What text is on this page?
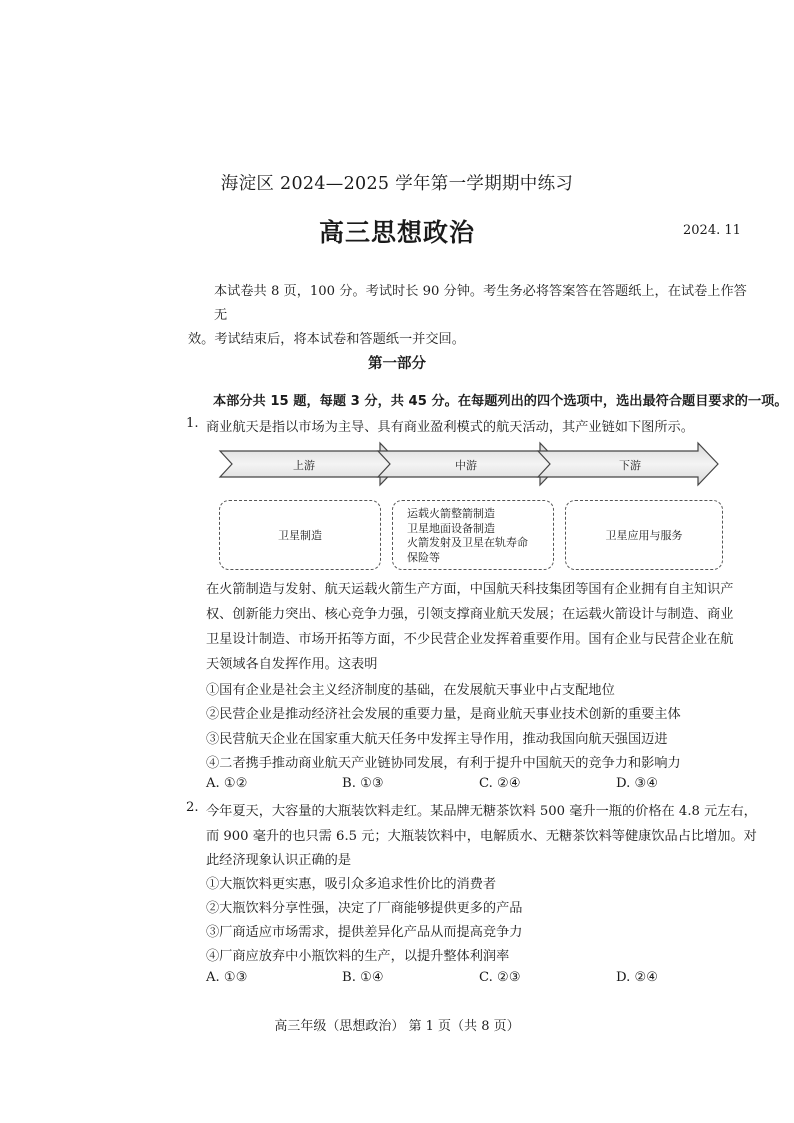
海淀区 2024—2025 学年第一学期期中练习
高三思想政治	2024. 11
本试卷共 8 页，100 分。考试时长 90 分钟。考生务必将答案答在答题纸上，在试卷上作答无
效。考试结束后，将本试卷和答题纸一并交回。
第一部分
本部分共 15 题，每题 3 分，共 45 分。在每题列出的四个选项中，选出最符合题目要求的一项。
1. 商业航天是指以市场为主导、具有商业盈利模式的航天活动，其产业链如下图所示。
上游	中游	下游
卫星制造
运载火箭整箭制造
卫星地面设备制造
火箭发射及卫星在轨寿命
保险等
卫星应用与服务
在火箭制造与发射、航天运载火箭生产方面，中国航天科技集团等国有企业拥有自主知识产
权、创新能力突出、核心竞争力强，引领支撑商业航天发展；在运载火箭设计与制造、商业
卫星设计制造、市场开拓等方面，不少民营企业发挥着重要作用。国有企业与民营企业在航
天领域各自发挥作用。这表明
①国有企业是社会主义经济制度的基础，在发展航天事业中占支配地位
②民营企业是推动经济社会发展的重要力量，是商业航天事业技术创新的重要主体
③民营航天企业在国家重大航天任务中发挥主导作用，推动我国向航天强国迈进
④二者携手推动商业航天产业链协同发展，有利于提升中国航天的竞争力和影响力
A. ①②	B. ①③	C. ②④	D. ③④
2. 今年夏天，大容量的大瓶装饮料走红。某品牌无糖茶饮料 500 毫升一瓶的价格在 4.8 元左右，
而 900 毫升的也只需 6.5 元；大瓶装饮料中，电解质水、无糖茶饮料等健康饮品占比增加。对
此经济现象认识正确的是
①大瓶饮料更实惠，吸引众多追求性价比的消费者
②大瓶饮料分享性强，决定了厂商能够提供更多的产品
③厂商适应市场需求，提供差异化产品从而提高竞争力
④厂商应放弃中小瓶饮料的生产，以提升整体利润率
A. ①③	B. ①④	C. ②③	D. ②④
高三年级（思想政治） 第 1 页（共 8 页）
